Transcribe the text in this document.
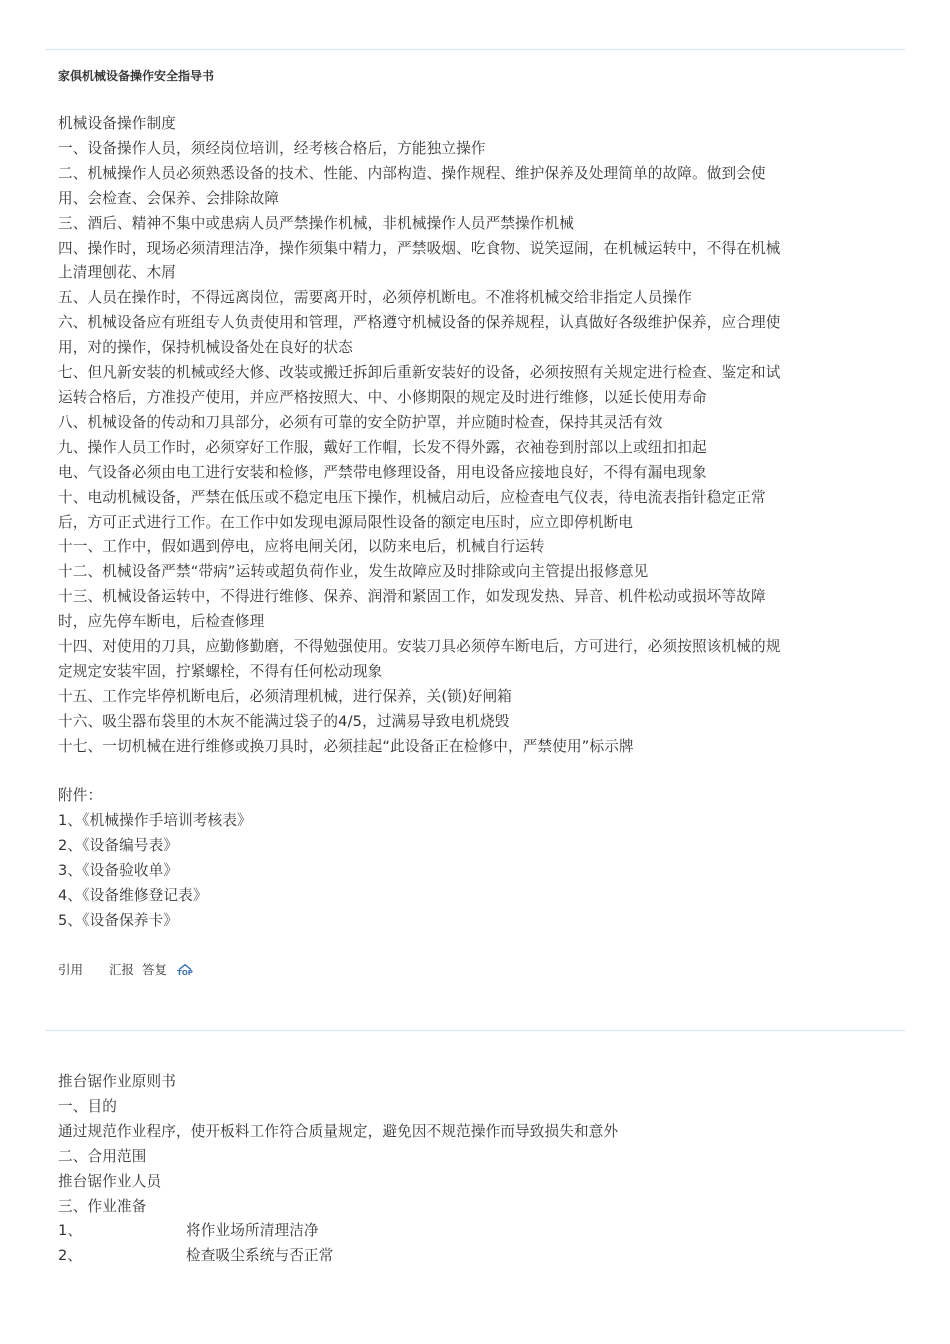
家俱机械设备操作安全指导书

机械设备操作制度

一、设备操作人员，须经岗位培训，经考核合格后，方能独立操作

二、机械操作人员必须熟悉设备的技术、性能、内部构造、操作规程、维护保养及处理简单的故障。做到会使

用、会检查、会保养、会排除故障

三、酒后、精神不集中或患病人员严禁操作机械，非机械操作人员严禁操作机械

四、操作时，现场必须清理洁净，操作须集中精力，严禁吸烟、吃食物、说笑逗闹，在机械运转中，不得在机械

上清理刨花、木屑

五、人员在操作时，不得远离岗位，需要离开时，必须停机断电。不准将机械交给非指定人员操作

六、机械设备应有班组专人负责使用和管理，严格遵守机械设备的保养规程，认真做好各级维护保养，应合理使

用，对的操作，保持机械设备处在良好的状态

七、但凡新安装的机械或经大修、改装或搬迁拆卸后重新安装好的设备，必须按照有关规定进行检查、鉴定和试

运转合格后，方准投产使用，并应严格按照大、中、小修期限的规定及时进行维修，以延长使用寿命

八、机械设备的传动和刀具部分，必须有可靠的安全防护罩，并应随时检查，保持其灵活有效

九、操作人员工作时，必须穿好工作服，戴好工作帽，长发不得外露，衣袖卷到肘部以上或纽扣扣起

电、气设备必须由电工进行安装和检修，严禁带电修理设备，用电设备应接地良好，不得有漏电现象

十、电动机械设备，严禁在低压或不稳定电压下操作，机械启动后，应检查电气仪表，待电流表指针稳定正常

后，方可正式进行工作。在工作中如发现电源局限性设备的额定电压时，应立即停机断电

十一、工作中，假如遇到停电，应将电闸关闭，以防来电后，机械自行运转

十二、机械设备严禁“带病”运转或超负荷作业，发生故障应及时排除或向主管提出报修意见

十三、机械设备运转中，不得进行维修、保养、润滑和紧固工作，如发现发热、异音、机件松动或损坏等故障

时，应先停车断电，后检查修理

十四、对使用的刀具，应勤修勤磨，不得勉强使用。安装刀具必须停车断电后，方可进行，必须按照该机械的规

定规定安装牢固，拧紧螺栓，不得有任何松动现象

十五、工作完毕停机断电后，必须清理机械，进行保养，关(锁)好闸箱

十六、吸尘器布袋里的木灰不能满过袋子的4/5，过满易导致电机烧毁

十七、一切机械在进行维修或换刀具时，必须挂起“此设备正在检修中，严禁使用”标示牌

附件：

1、《机械操作手培训考核表》

2、《设备编号表》

3、《设备验收单》

4、《设备维修登记表》

5、《设备保养卡》

引用 汇报 答复 TOP

推台锯作业原则书

一、目的

通过规范作业程序，使开板料工作符合质量规定，避免因不规范操作而导致损失和意外

二、合用范围

推台锯作业人员

三、作业准备

1、	将作业场所清理洁净
2、	检查吸尘系统与否正常
